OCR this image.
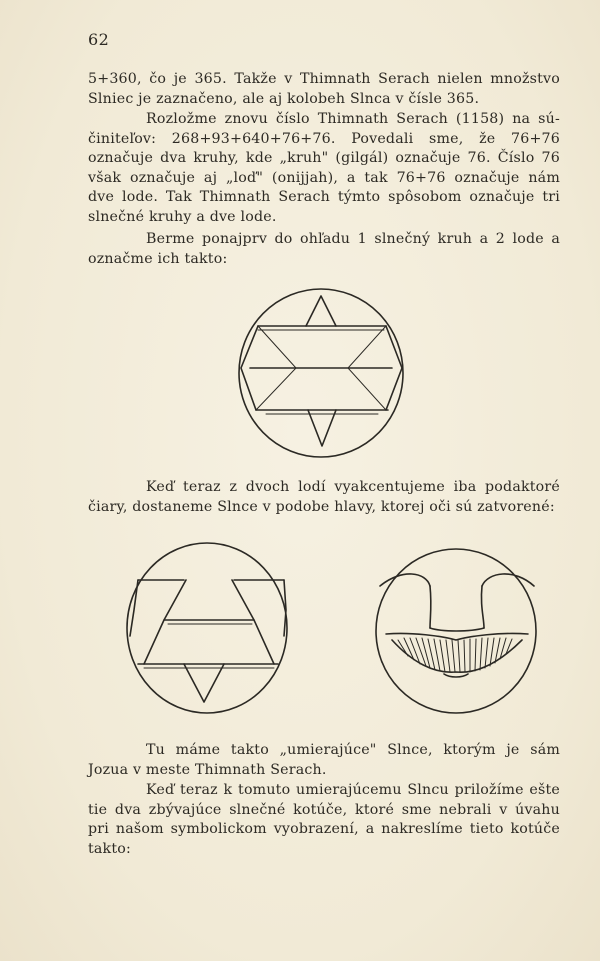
62

5+360, čo je 365. Takže v Thimnath Serach nielen množstvo
Slniec je zaznačeno, ale aj kolobeh Slnca v čísle 365.

Rozložme znovu číslo Thimnath Serach (1158) na sú-
činiteľov: 268+93+640+76+76. Povedali sme, že 76+76
označuje dva kruhy, kde „kruh" (gilgál) označuje 76. Číslo 76
však označuje aj „loď" (onijjah), a tak 76+76 označuje nám
dve lode. Tak Thimnath Serach týmto spôsobom označuje tri
slnečné kruhy a dve lode.

Berme ponajprv do ohľadu 1 slnečný kruh a 2 lode a
označme ich takto:

Keď teraz z dvoch lodí vyakcentujeme iba podaktoré
čiary, dostaneme Slnce v podobe hlavy, ktorej oči sú zatvorené:

Tu máme takto „umierajúce" Slnce, ktorým je sám
Jozua v meste Thimnath Serach.

Keď teraz k tomuto umierajúcemu Slncu priložíme ešte
tie dva zbývajúce slnečné kotúče, ktoré sme nebrali v úvahu
pri našom symbolickom vyobrazení, a nakreslíme tieto kotúče
takto:
